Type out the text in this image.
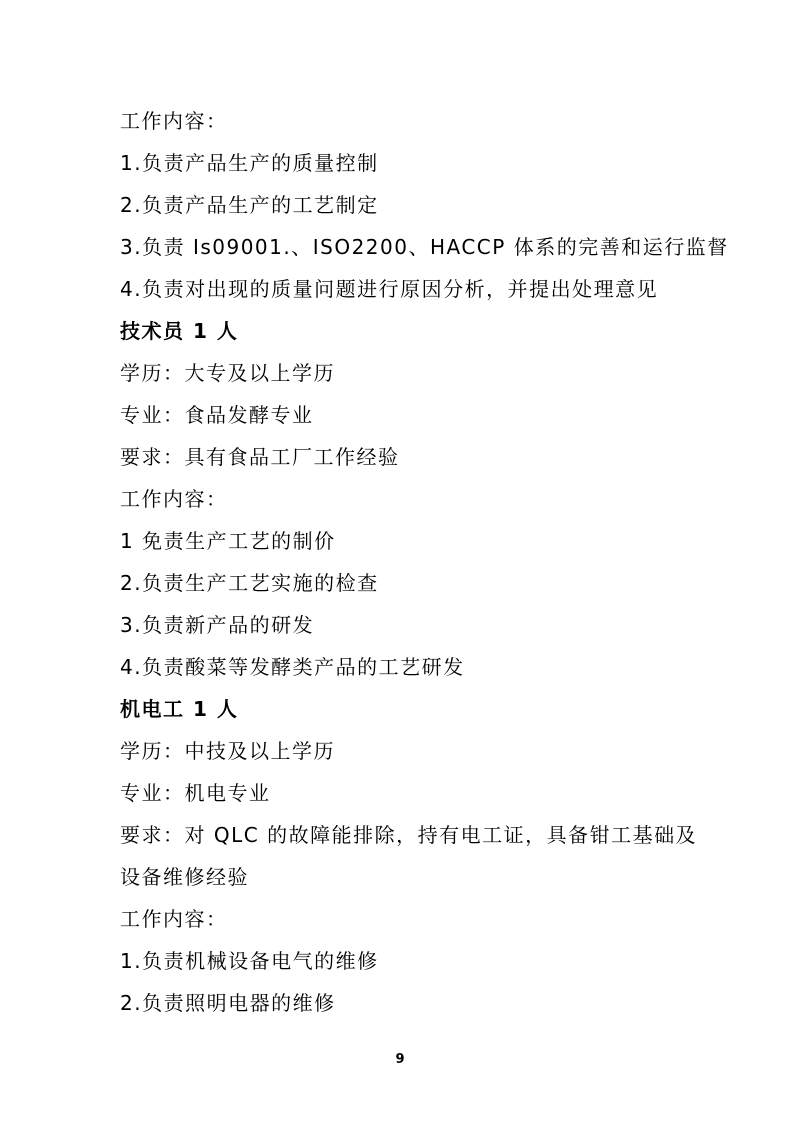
工作内容：
1.负责产品生产的质量控制
2.负责产品生产的工艺制定
3.负责 Is09001.、ISO2200、HACCP 体系的完善和运行监督
4.负责对出现的质量问题进行原因分析，并提出处理意见
技术员 1 人
学历：大专及以上学历
专业：食品发酵专业
要求：具有食品工厂工作经验
工作内容：
1 免责生产工艺的制价
2.负责生产工艺实施的检查
3.负责新产品的研发
4.负责酸菜等发酵类产品的工艺研发
机电工 1 人
学历：中技及以上学历
专业：机电专业
要求：对 QLC 的故障能排除，持有电工证，具备钳工基础及
设备维修经验
工作内容：
1.负责机械设备电气的维修
2.负责照明电器的维修
9
